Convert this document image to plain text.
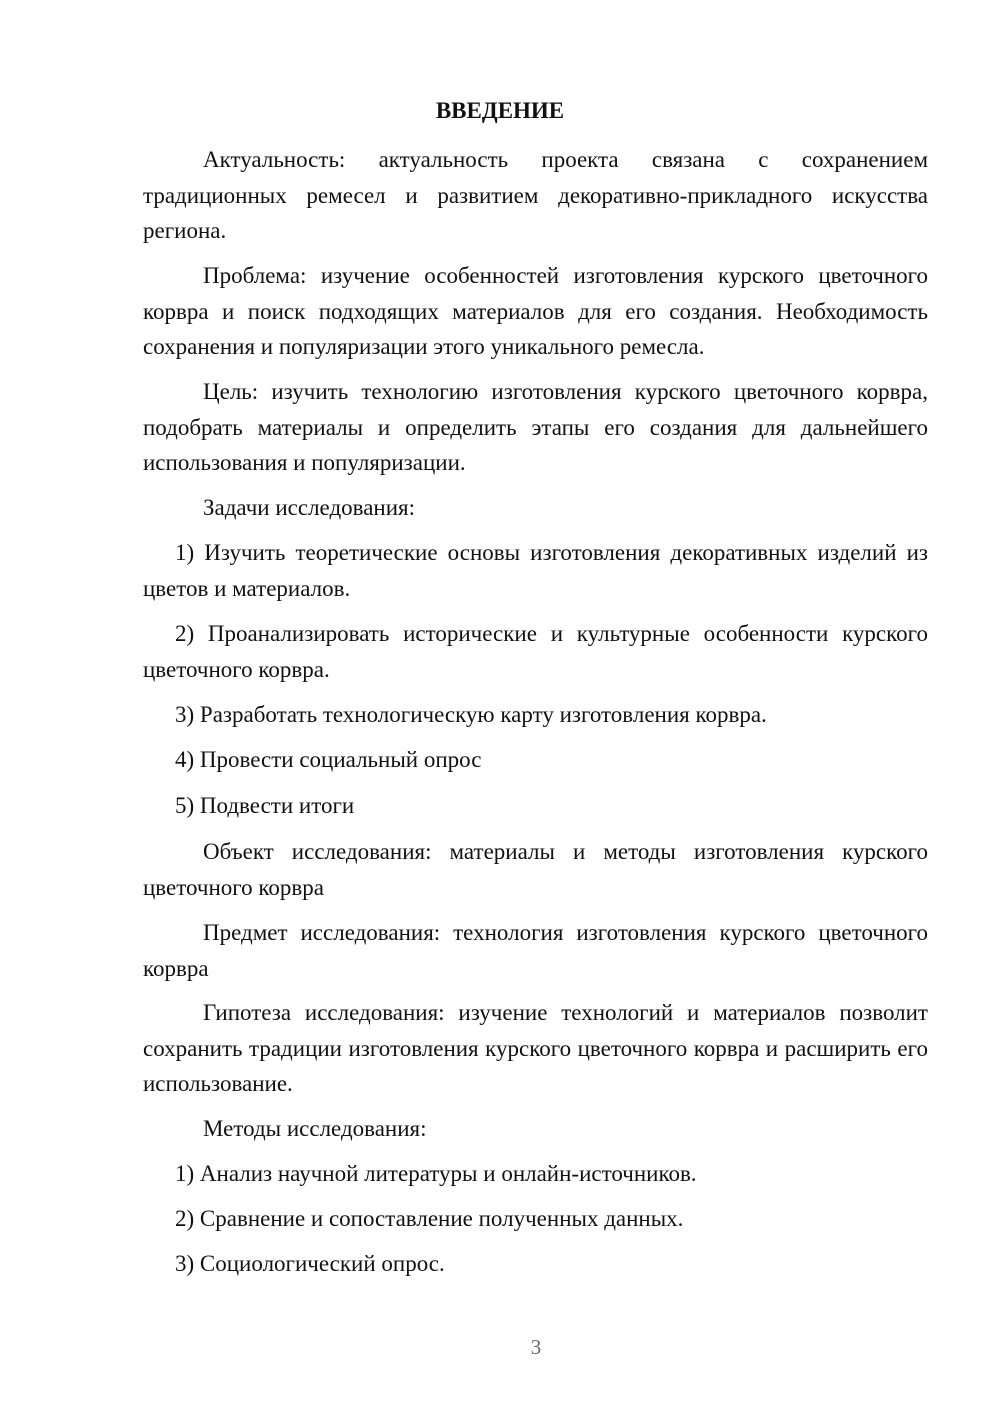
ВВЕДЕНИЕ

Актуальность: актуальность проекта связана с сохранением традиционных ремесел и развитием декоративно-прикладного искусства региона.

Проблема: изучение особенностей изготовления курского цветочного корвра и поиск подходящих материалов для его создания. Необходимость сохранения и популяризации этого уникального ремесла.

Цель: изучить технологию изготовления курского цветочного корвра, подобрать материалы и определить этапы его создания для дальнейшего использования и популяризации.

Задачи исследования:

1) Изучить теоретические основы изготовления декоративных изделий из цветов и материалов.

2) Проанализировать исторические и культурные особенности курского цветочного корвра.

3) Разработать технологическую карту изготовления корвра.

4) Провести социальный опрос

5) Подвести итоги

Объект исследования: материалы и методы изготовления курского цветочного корвра

Предмет исследования: технология изготовления курского цветочного корвра

Гипотеза исследования: изучение технологий и материалов позволит сохранить традиции изготовления курского цветочного корвра и расширить его использование.

Методы исследования:

1) Анализ научной литературы и онлайн-источников.

2) Сравнение и сопоставление полученных данных.

3) Социологический опрос.

3
